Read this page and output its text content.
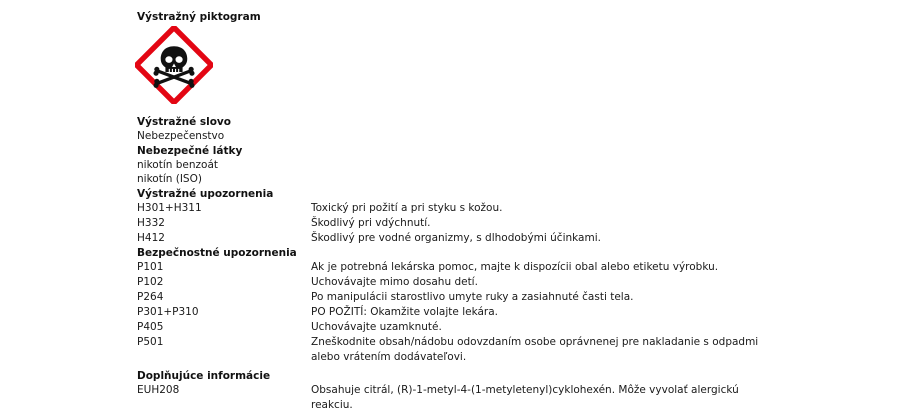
Výstražný piktogram
Výstražné slovo
Nebezpečenstvo
Nebezpečné látky
nikotín benzoát
nikotín (ISO)
Výstražné upozornenia
H301+H311	Toxický pri požití a pri styku s kožou.
H332	Škodlivý pri vdýchnutí.
H412	Škodlivý pre vodné organizmy, s dlhodobými účinkami.
Bezpečnostné upozornenia
P101	Ak je potrebná lekárska pomoc, majte k dispozícii obal alebo etiketu výrobku.
P102	Uchovávajte mimo dosahu detí.
P264	Po manipulácii starostlivo umyte ruky a zasiahnuté časti tela.
P301+P310	PO POŽITÍ: Okamžite volajte lekára.
P405	Uchovávajte uzamknuté.
P501	Zneškodnite obsah/nádobu odovzdaním osobe oprávnenej pre nakladanie s odpadmi alebo vrátením dodávateľovi.
Doplňujúce informácie
EUH208	Obsahuje citrál, (R)-1-metyl-4-(1-metyletenyl)cyklohexén. Môže vyvolať alergickú reakciu.
